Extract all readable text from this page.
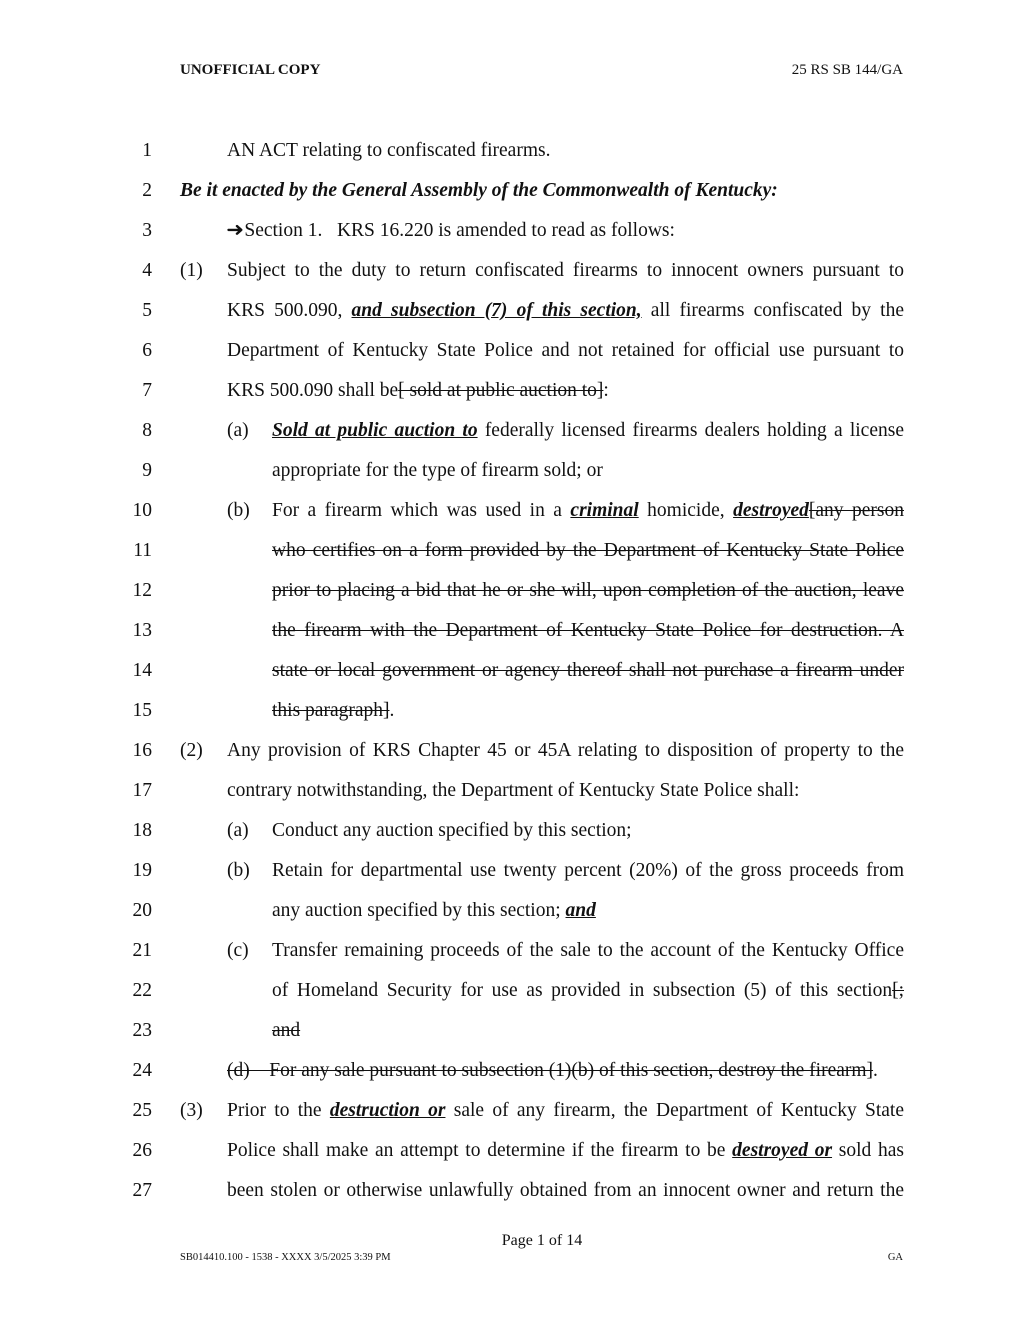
UNOFFICIAL COPY	25 RS SB 144/GA
1	AN ACT relating to confiscated firearms.
2 Be it enacted by the General Assembly of the Commonwealth of Kentucky:
3	➜Section 1.   KRS 16.220 is amended to read as follows:
4 (1) Subject to the duty to return confiscated firearms to innocent owners pursuant to
5	KRS 500.090, and subsection (7) of this section, all firearms confiscated by the
6	Department of Kentucky State Police and not retained for official use pursuant to
7	KRS 500.090 shall be[ sold at public auction to]:
8	(a) Sold at public auction to federally licensed firearms dealers holding a license
9	appropriate for the type of firearm sold; or
10	(b) For a firearm which was used in a criminal homicide, destroyed[any person
11	who certifies on a form provided by the Department of Kentucky State Police
12	prior to placing a bid that he or she will, upon completion of the auction, leave
13	the firearm with the Department of Kentucky State Police for destruction. A
14	state or local government or agency thereof shall not purchase a firearm under
15	this paragraph].
16 (2) Any provision of KRS Chapter 45 or 45A relating to disposition of property to the
17	contrary notwithstanding, the Department of Kentucky State Police shall:
18	(a) Conduct any auction specified by this section;
19	(b) Retain for departmental use twenty percent (20%) of the gross proceeds from
20	any auction specified by this section; and
21	(c) Transfer remaining proceeds of the sale to the account of the Kentucky Office
22	of Homeland Security for use as provided in subsection (5) of this section[;
23	and
24	(d)    For any sale pursuant to subsection (1)(b) of this section, destroy the firearm].
25 (3) Prior to the destruction or sale of any firearm, the Department of Kentucky State
26	Police shall make an attempt to determine if the firearm to be destroyed or sold has
27	been stolen or otherwise unlawfully obtained from an innocent owner and return the
Page 1 of 14
SB014410.100 - 1538 - XXXX 3/5/2025 3:39 PM	GA
